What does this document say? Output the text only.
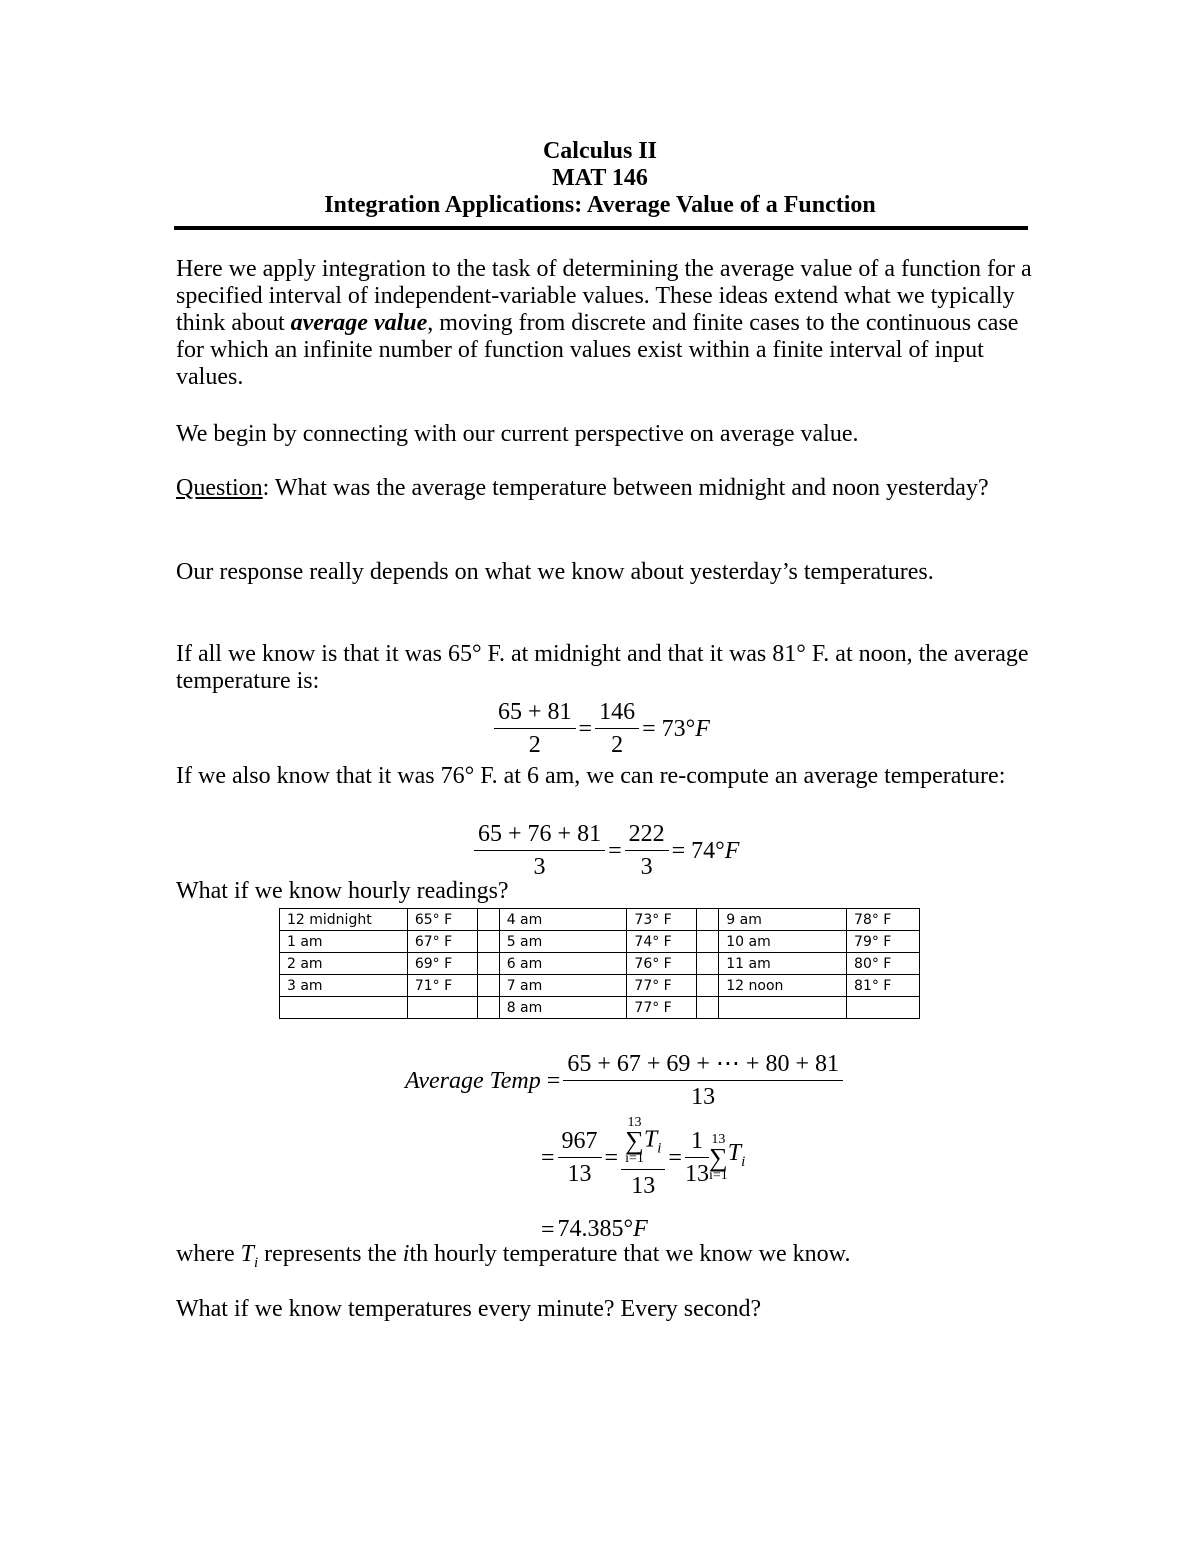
Calculus II
MAT 146
Integration Applications: Average Value of a Function

Here we apply integration to the task of determining the average value of a function for a specified interval of independent-variable values. These ideas extend what we typically think about average value, moving from discrete and finite cases to the continuous case for which an infinite number of function values exist within a finite interval of input values.

We begin by connecting with our current perspective on average value.

Question: What was the average temperature between midnight and noon yesterday?

Our response really depends on what we know about yesterday’s temperatures.

If all we know is that it was 65° F. at midnight and that it was 81° F. at noon, the average temperature is:

$\frac{65 + 81}{2} = \frac{146}{2} = 73^\circ F$

If we also know that it was 76° F. at 6 am, we can re-compute an average temperature:

$\frac{65 + 76 + 81}{3} = \frac{222}{3} = 74^\circ F$

What if we know hourly readings?

12 midnight	65° F		4 am	73° F		9 am	78° F
1 am	67° F		5 am	74° F		10 am	79° F
2 am	69° F		6 am	76° F		11 am	80° F
3 am	71° F		7 am	77° F		12 noon	81° F
			8 am	77° F			
Average Temp = $\frac{65 + 67 + 69 + \cdots + 80 + 81}{13}$
= $\frac{967}{13} = 13$
∑
i=1
$T_i$
$13 = \frac{1}{13} 13$
∑
i=1
$T_i$
= 74.385°F

where $T_i$ represents the ith hourly temperature that we know we know.

What if we know temperatures every minute? Every second?
